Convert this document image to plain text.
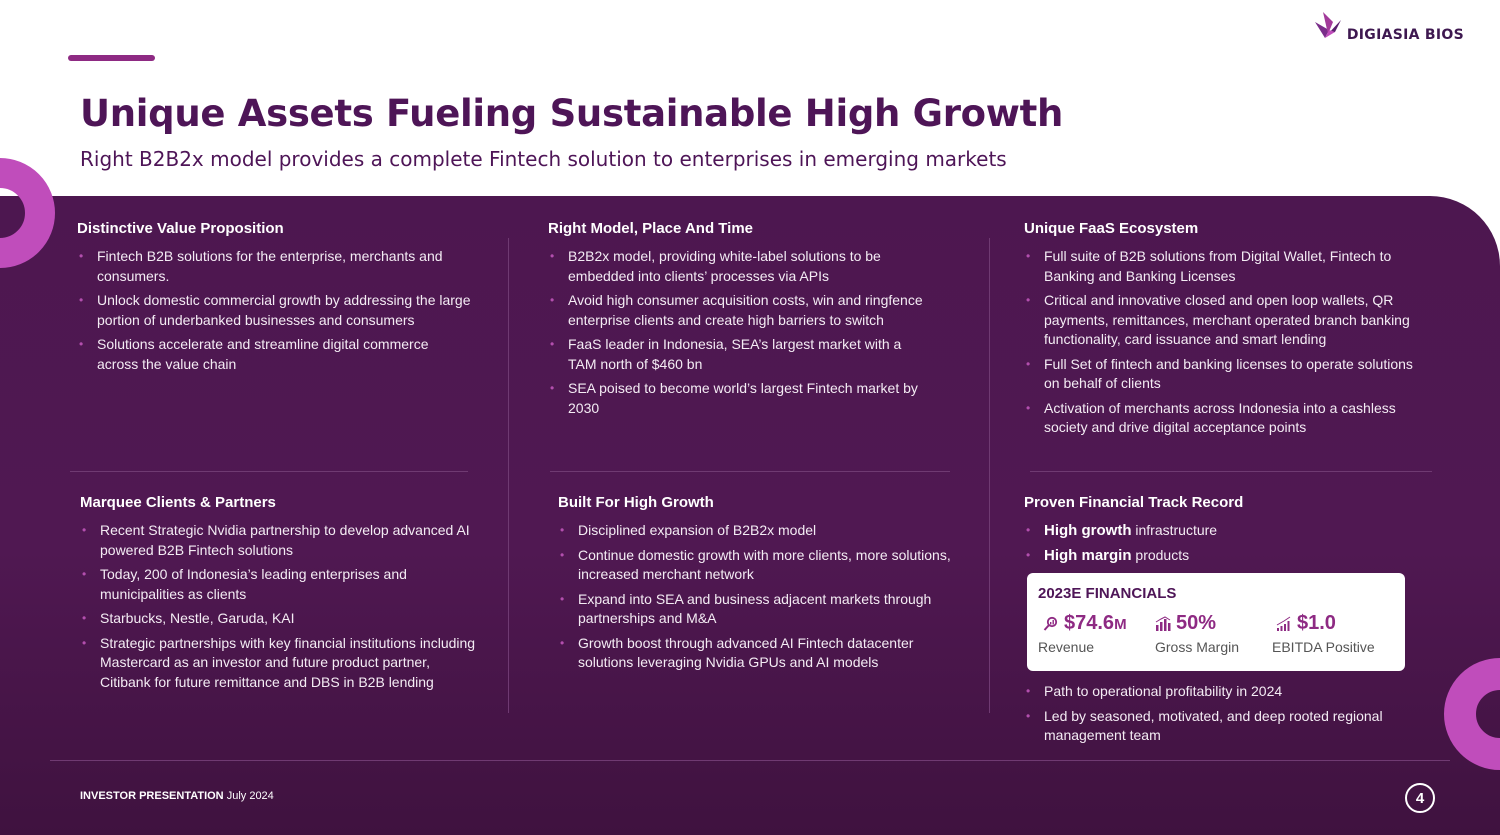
DIGIASIA BIOS
Unique Assets Fueling Sustainable High Growth
Right B2B2x model provides a complete Fintech solution to enterprises in emerging markets
Distinctive Value Proposition
• Fintech B2B solutions for the enterprise, merchants and consumers.
• Unlock domestic commercial growth by addressing the large portion of underbanked businesses and consumers
• Solutions accelerate and streamline digital commerce across the value chain
Right Model, Place And Time
• B2B2x model, providing white-label solutions to be embedded into clients’ processes via APIs
• Avoid high consumer acquisition costs, win and ringfence enterprise clients and create high barriers to switch
• FaaS leader in Indonesia, SEA’s largest market with a TAM north of $460 bn
• SEA poised to become world’s largest Fintech market by 2030
Unique FaaS Ecosystem
• Full suite of B2B solutions from Digital Wallet, Fintech to Banking and Banking Licenses
• Critical and innovative closed and open loop wallets, QR payments, remittances, merchant operated branch banking functionality, card issuance and smart lending
• Full Set of fintech and banking licenses to operate solutions on behalf of clients
• Activation of merchants across Indonesia into a cashless society and drive digital acceptance points
Marquee Clients & Partners
• Recent Strategic Nvidia partnership to develop advanced AI powered B2B Fintech solutions
• Today, 200 of Indonesia’s leading enterprises and municipalities as clients
• Starbucks, Nestle, Garuda, KAI
• Strategic partnerships with key financial institutions including Mastercard as an investor and future product partner, Citibank for future remittance and DBS in B2B lending
Built For High Growth
• Disciplined expansion of B2B2x model
• Continue domestic growth with more clients, more solutions, increased merchant network
• Expand into SEA and business adjacent markets through partnerships and M&A
• Growth boost through advanced AI Fintech datacenter solutions leveraging Nvidia GPUs and AI models
Proven Financial Track Record
• High growth infrastructure
• High margin products
2023E FINANCIALS
$74.6M
Revenue
50%
Gross Margin
$1.0
EBITDA Positive
• Path to operational profitability in 2024
• Led by seasoned, motivated, and deep rooted regional management team
INVESTOR PRESENTATION July 2024	4
